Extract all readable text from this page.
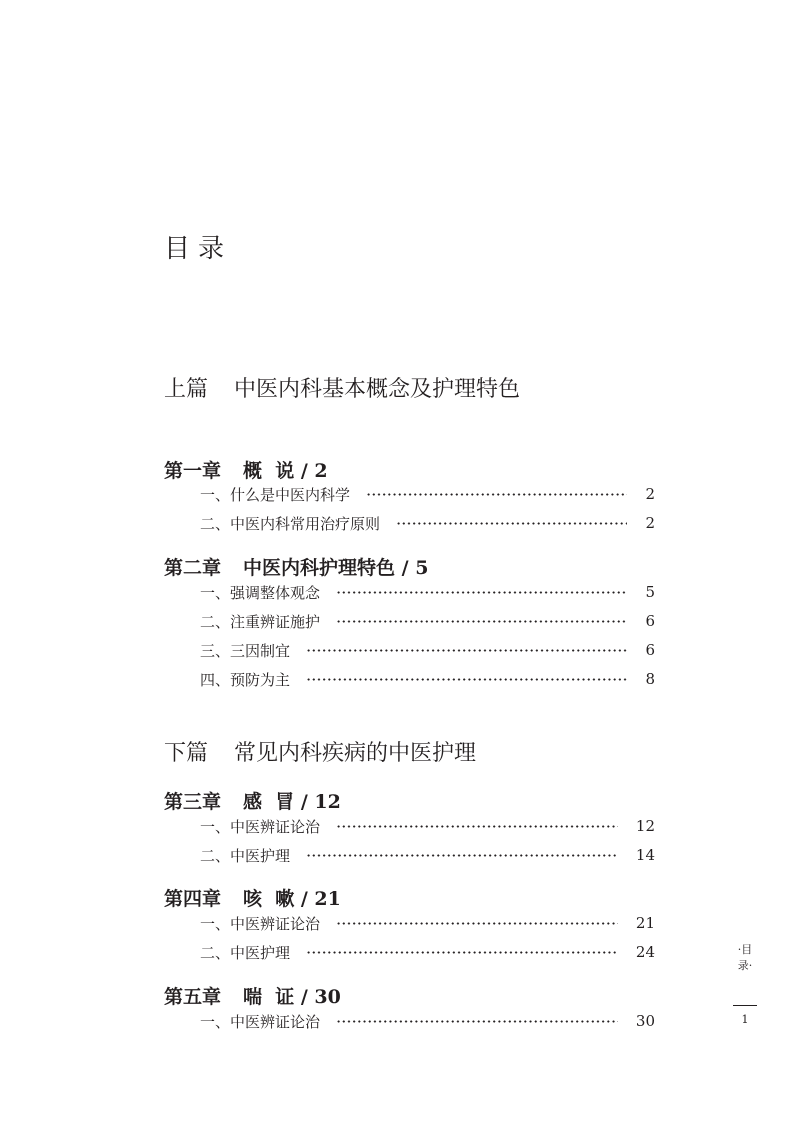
目录
上篇 中医内科基本概念及护理特色
第一章 概  说 / 2
一、什么是中医内科学	2
二、中医内科常用治疗原则	2
第二章 中医内科护理特色 / 5
一、强调整体观念	5
二、注重辨证施护	6
三、三因制宜	6
四、预防为主	8
下篇 常见内科疾病的中医护理
第三章 感  冒 / 12
一、中医辨证论治	12
二、中医护理	14
第四章 咳  嗽 / 21
一、中医辨证论治	21
二、中医护理	24
第五章 喘  证 / 30
一、中医辨证论治	30
·目录·
1
